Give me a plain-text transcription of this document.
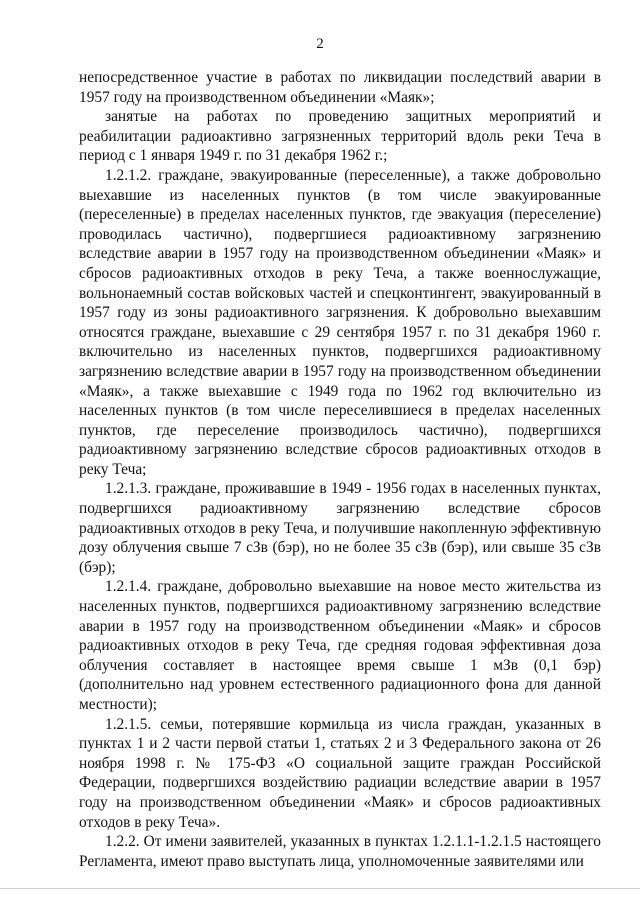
2

непосредственное участие в работах по ликвидации последствий аварии в 1957 году на производственном объединении «Маяк»;

занятые на работах по проведению защитных мероприятий и реабилитации радиоактивно загрязненных территорий вдоль реки Теча в период с 1 января 1949 г. по 31 декабря 1962 г.;

1.2.1.2. граждане, эвакуированные (переселенные), а также добровольно выехавшие из населенных пунктов (в том числе эвакуированные (переселенные) в пределах населенных пунктов, где эвакуация (переселение) проводилась частично), подвергшиеся радиоактивному загрязнению вследствие аварии в 1957 году на производственном объединении «Маяк» и сбросов радиоактивных отходов в реку Теча, а также военнослужащие, вольнонаемный состав войсковых частей и спецконтингент, эвакуированный в 1957 году из зоны радиоактивного загрязнения. К добровольно выехавшим относятся граждане, выехавшие с 29 сентября 1957 г. по 31 декабря 1960 г. включительно из населенных пунктов, подвергшихся радиоактивному загрязнению вследствие аварии в 1957 году на производственном объединении «Маяк», а также выехавшие с 1949 года по 1962 год включительно из населенных пунктов (в том числе переселившиеся в пределах населенных пунктов, где переселение производилось частично), подвергшихся радиоактивному загрязнению вследствие сбросов радиоактивных отходов в реку Теча;

1.2.1.3. граждане, проживавшие в 1949 - 1956 годах в населенных пунктах, подвергшихся радиоактивному загрязнению вследствие сбросов радиоактивных отходов в реку Теча, и получившие накопленную эффективную дозу облучения свыше 7 сЗв (бэр), но не более 35 сЗв (бэр), или свыше 35 сЗв (бэр);

1.2.1.4. граждане, добровольно выехавшие на новое место жительства из населенных пунктов, подвергшихся радиоактивному загрязнению вследствие аварии в 1957 году на производственном объединении «Маяк» и сбросов радиоактивных отходов в реку Теча, где средняя годовая эффективная доза облучения составляет в настоящее время свыше 1 мЗв (0,1 бэр) (дополнительно над уровнем естественного радиационного фона для данной местности);

1.2.1.5. семьи, потерявшие кормильца из числа граждан, указанных в пунктах 1 и 2 части первой статьи 1, статьях 2 и 3 Федерального закона от 26 ноября 1998 г. № 175-ФЗ «О социальной защите граждан Российской Федерации, подвергшихся воздействию радиации вследствие аварии в 1957 году на производственном объединении «Маяк» и сбросов радиоактивных отходов в реку Теча».

1.2.2. От имени заявителей, указанных в пунктах 1.2.1.1-1.2.1.5 настоящего Регламента, имеют право выступать лица, уполномоченные заявителями или
